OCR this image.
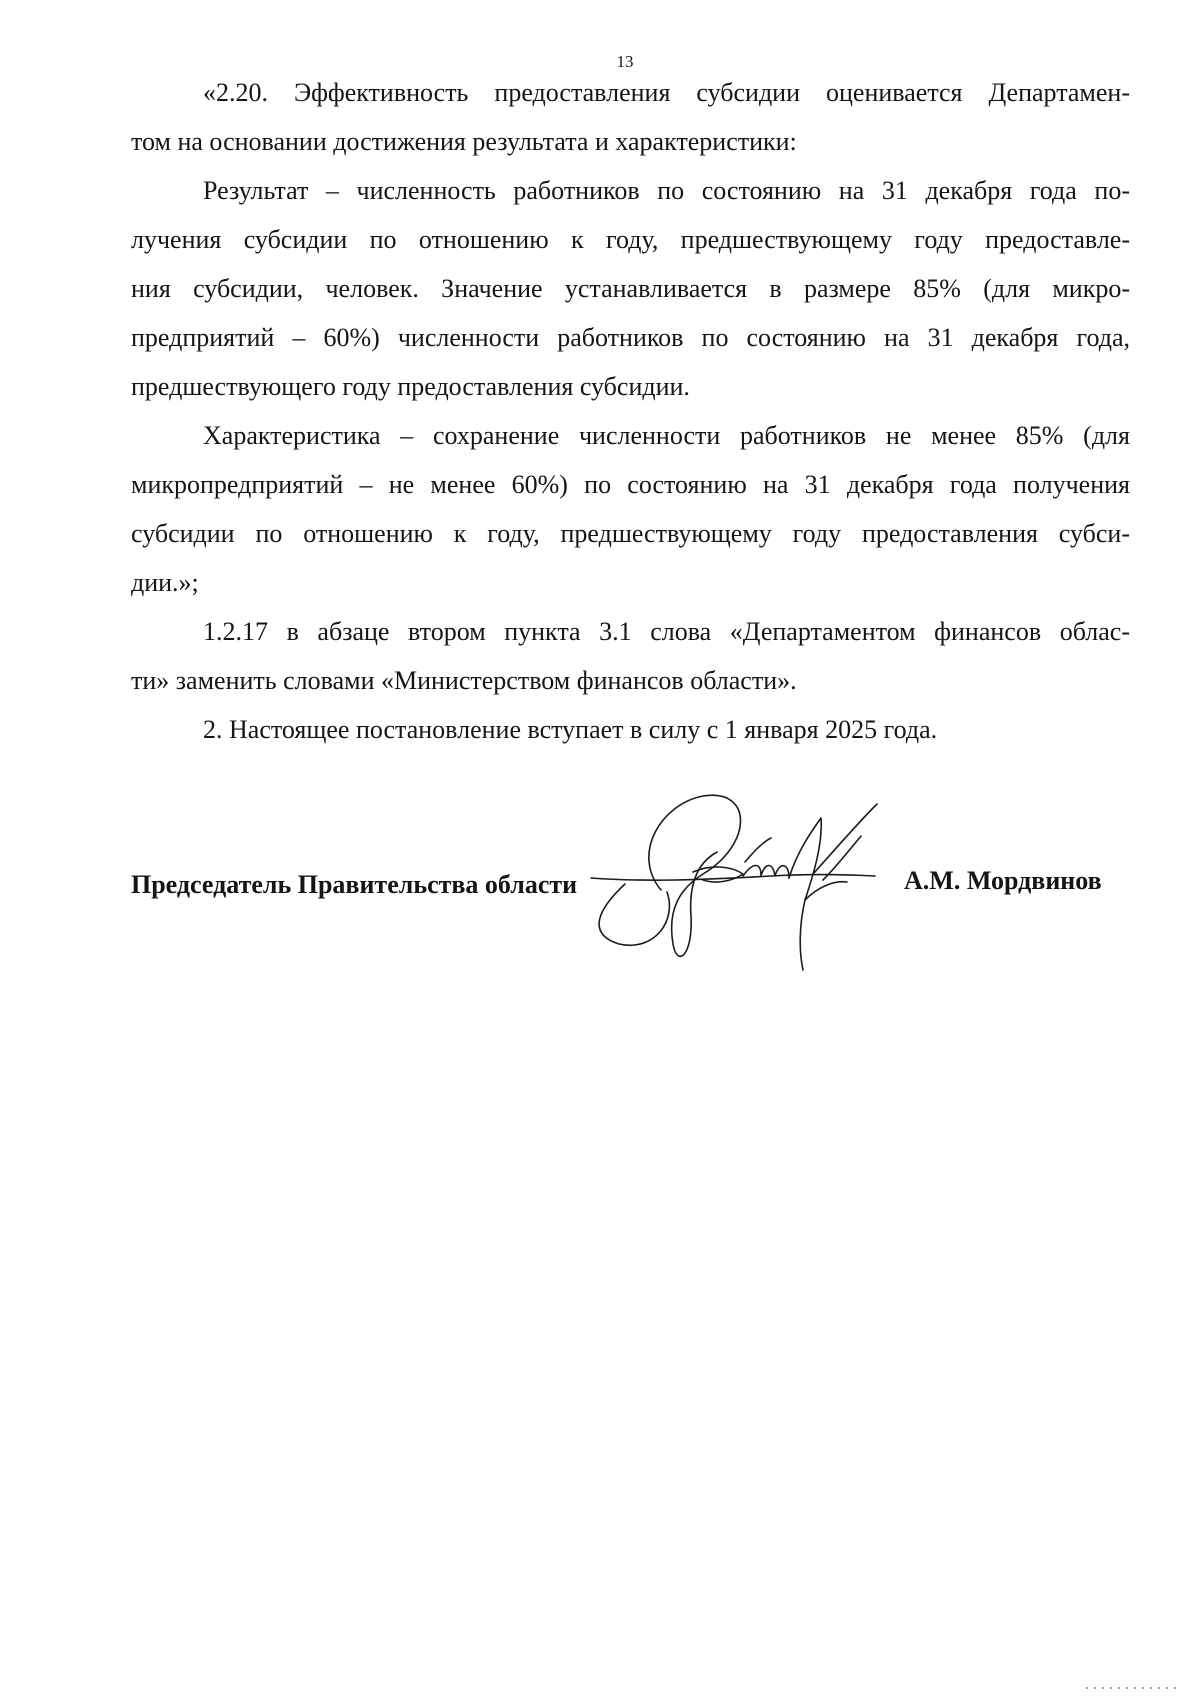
13
«2.20. Эффективность предоставления субсидии оценивается Департамен-
том на основании достижения результата и характеристики:
Результат – численность работников по состоянию на 31 декабря года по-
лучения субсидии по отношению к году, предшествующему году предоставле-
ния субсидии, человек. Значение устанавливается в размере 85% (для микро-
предприятий – 60%) численности работников по состоянию на 31 декабря года,
предшествующего году предоставления субсидии.
Характеристика – сохранение численности работников не менее 85% (для
микропредприятий – не менее 60%) по состоянию на 31 декабря года получения
субсидии по отношению к году, предшествующему году предоставления субси-
дии.»;
1.2.17 в абзаце втором пункта 3.1 слова «Департаментом финансов облас-
ти» заменить словами «Министерством финансов области».
2. Настоящее постановление вступает в силу с 1 января 2025 года.
Председатель Правительства области	А.М. Мордвинов
